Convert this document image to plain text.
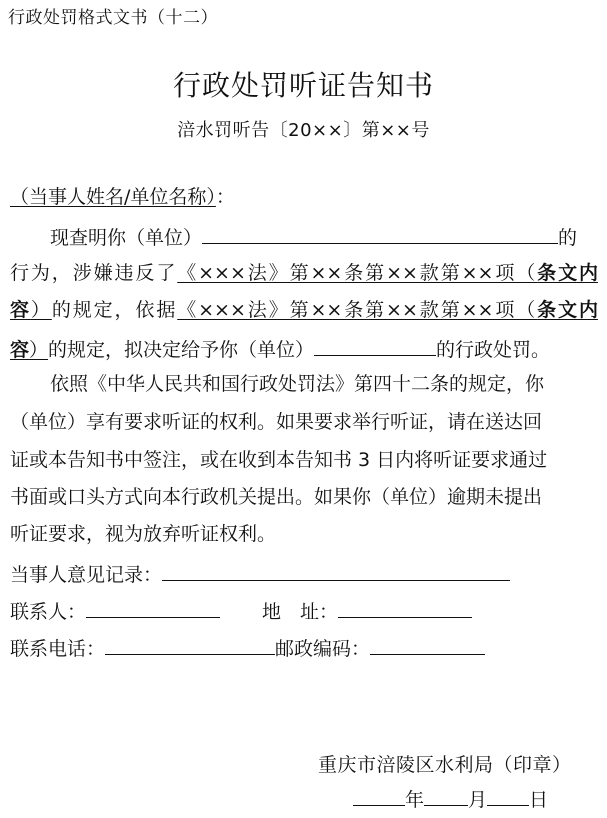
行政处罚格式文书（十二）
行政处罚听证告知书
涪水罚听告〔20××〕第××号
（当事人姓名/单位名称）：
现查明你（单位）	的
行为，涉嫌违反了《×××法》第××条第××款第××项（条文内
容）的规定，依据《×××法》第××条第××款第××项（条文内
容）的规定，拟决定给予你（单位）	的行政处罚。
依照《中华人民共和国行政处罚法》第四十二条的规定，你
（单位）享有要求听证的权利。如果要求举行听证，请在送达回
证或本告知书中签注，或在收到本告知书 3 日内将听证要求通过
书面或口头方式向本行政机关提出。如果你（单位）逾期未提出
听证要求，视为放弃听证权利。
当事人意见记录：
联系人：	地　址：
联系电话：	邮政编码：
重庆市涪陵区水利局（印章）
年 月 日
